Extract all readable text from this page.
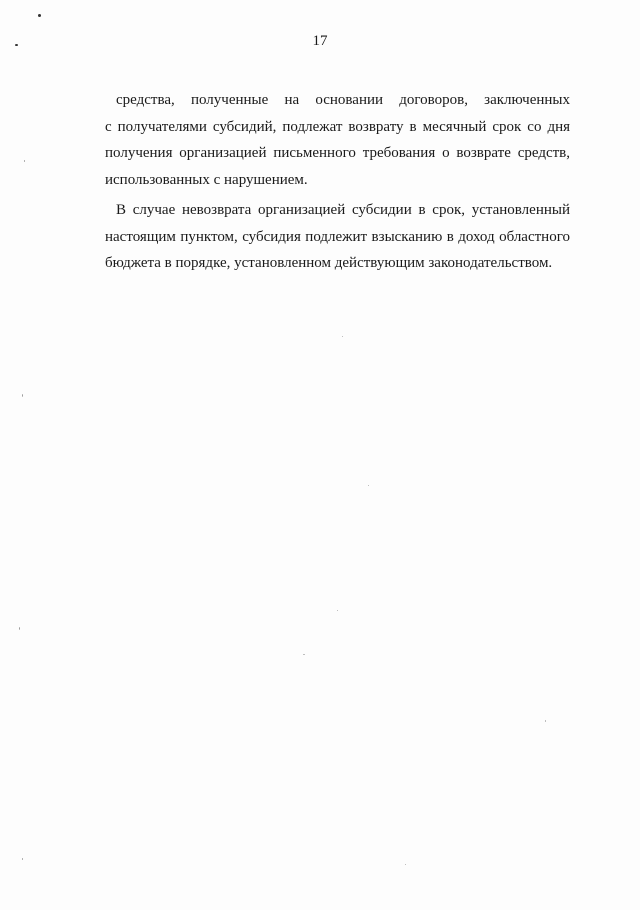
17
средства, полученные на основании договоров, заключенных
с получателями субсидий, подлежат возврату в месячный срок со дня
получения организацией письменного требования о возврате средств,
использованных с нарушением.
В случае невозврата организацией субсидии в срок, установленный
настоящим пунктом, субсидия подлежит взысканию в доход областного
бюджета в порядке, установленном действующим законодательством.
